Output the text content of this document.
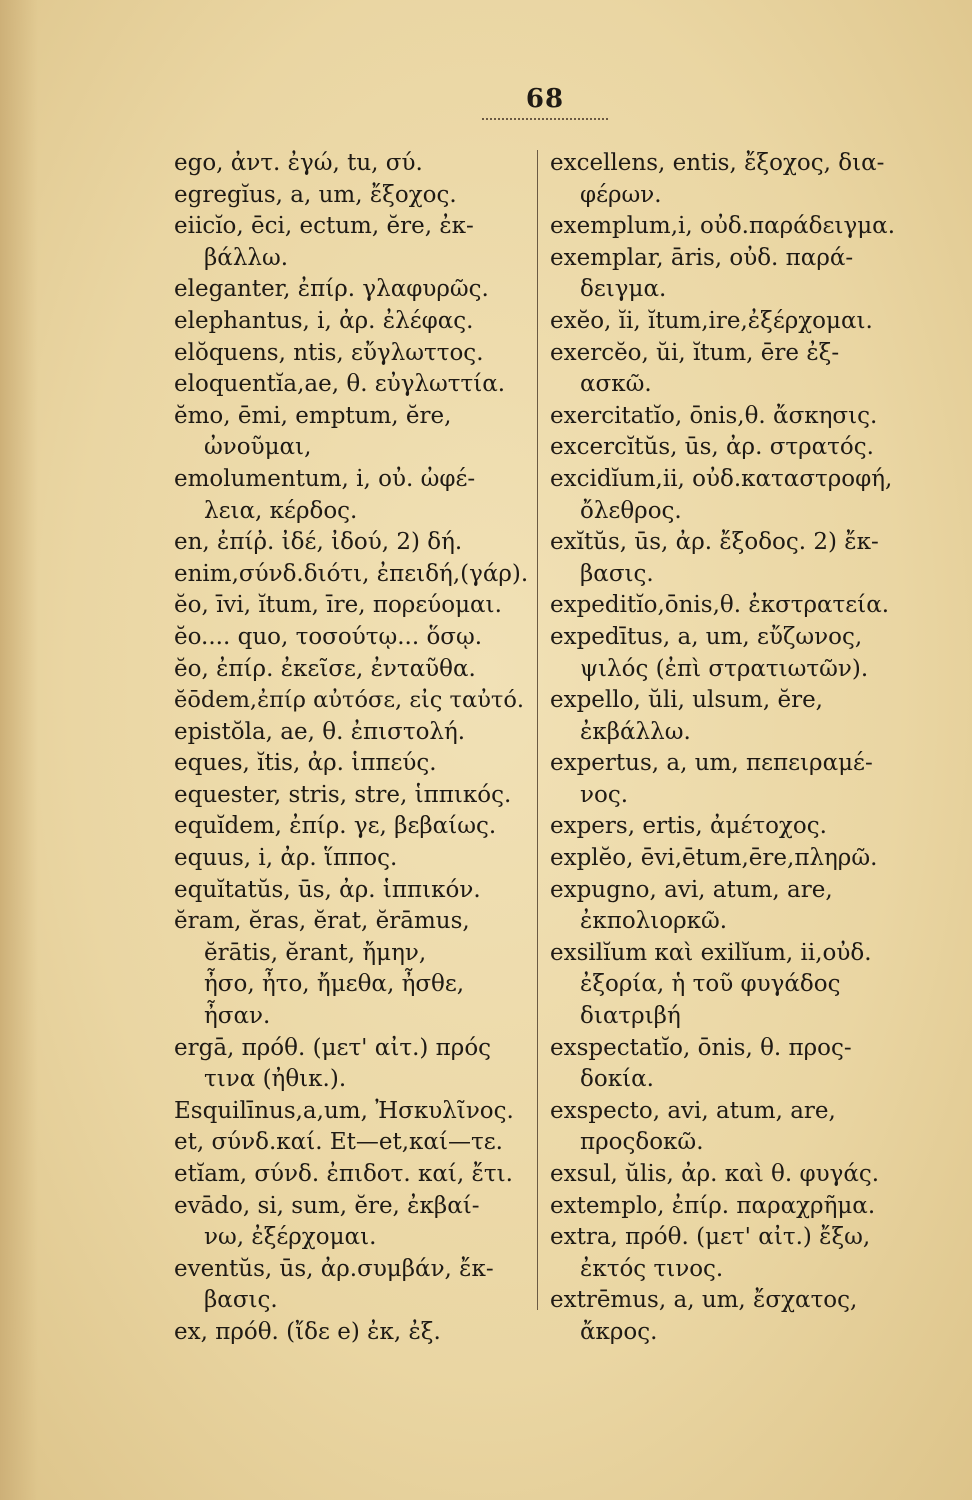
68
ego, ἀντ. ἐγώ, tu, σύ.
egregĭus, a, um, ἔξοχος.
eiicĭo, ēci, ectum, ĕre, ἐκ-
βάλλω.
eleganter, ἐπίρ. γλαφυρῶς.
elephantus, i, ἀρ. ἐλέφας.
elŏquens, ntis, εὔγλωττος.
eloquentĭa,ae, θ. εὐγλωττία.
ĕmo, ēmi, emptum, ĕre,
ὠνοῦμαι,
emolumentum, i, οὐ. ὠφέ-
λεια, κέρδος.
en, ἐπίῤ. ἰδέ, ἰδού, 2) δή.
enim,σύνδ.διότι, ἐπειδή,(γάρ).
ĕo, īvi, ĭtum, īre, πορεύομαι.
ĕo.... quo, τοσούτῳ... ὅσῳ.
ĕo, ἐπίρ. ἐκεῖσε, ἐνταῦθα.
ĕōdem,ἐπίρ αὐτόσε, εἰς ταὐτό.
epistŏla, ae, θ. ἐπιστολή.
eques, ĭtis, ἀρ. ἱππεύς.
equester, stris, stre, ἱππικός.
equĭdem, ἐπίρ. γε, βεβαίως.
equus, i, ἀρ. ἵππος.
equĭtatŭs, ūs, ἀρ. ἱππικόν.
ĕram, ĕras, ĕrat, ĕrāmus,
ĕrātis, ĕrant, ἤμην,
ἦσο, ἦτο, ἤμεθα, ἦσθε,
ἦσαν.
ergā, πρόθ. (μετ' αἰτ.) πρός
τινα (ἠθικ.).
Esquilīnus,a,um, Ἠσκυλῖνος.
et, σύνδ.καί. Et—et,καί—τε.
etĭam, σύνδ. ἐπιδοτ. καί, ἔτι.
evādo, si, sum, ĕre, ἐκβαί-
νω, ἐξέρχομαι.
eventŭs, ūs, ἀρ.συμβάν, ἔκ-
βασις.
ex, πρόθ. (ἴδε e) ἐκ, ἐξ.
excellens, entis, ἔξοχος, δια-
φέρων.
exemplum,i, οὐδ.παράδειγμα.
exemplar, āris, οὐδ. παρά-
δειγμα.
exĕo, ĭi, ĭtum,ire,ἐξέρχομαι.
exercĕo, ŭi, ĭtum, ēre ἐξ-
ασκῶ.
exercitatĭo, ōnis,θ. ἄσκησις.
excercĭtŭs, ūs, ἀρ. στρατός.
excidĭum,ii, οὐδ.καταστροφή,
ὄλεθρος.
exĭtŭs, ūs, ἀρ. ἔξοδος. 2) ἔκ-
βασις.
expeditĭo,ōnis,θ. ἐκστρατεία.
expedītus, a, um, εὔζωνος,
ψιλός (ἐπὶ στρατιωτῶν).
expello, ŭli, ulsum, ĕre,
ἐκβάλλω.
expertus, a, um, πεπειραμέ-
νος.
expers, ertis, ἀμέτοχος.
explĕo, ēvi,ētum,ēre,πληρῶ.
expugno, avi, atum, are,
ἐκπολιορκῶ.
exsilĭum καὶ exilĭum, ii,οὐδ.
ἐξορία, ἡ τοῦ φυγάδος
διατριβή
exspectatĭo, ōnis, θ. προς-
δοκία.
exspecto, avi, atum, are,
προςδοκῶ.
exsul, ŭlis, ἀρ. καὶ θ. φυγάς.
extemplo, ἐπίρ. παραχρῆμα.
extra, πρόθ. (μετ' αἰτ.) ἔξω,
ἐκτός τινος.
extrēmus, a, um, ἔσχατος,
ἄκρος.
